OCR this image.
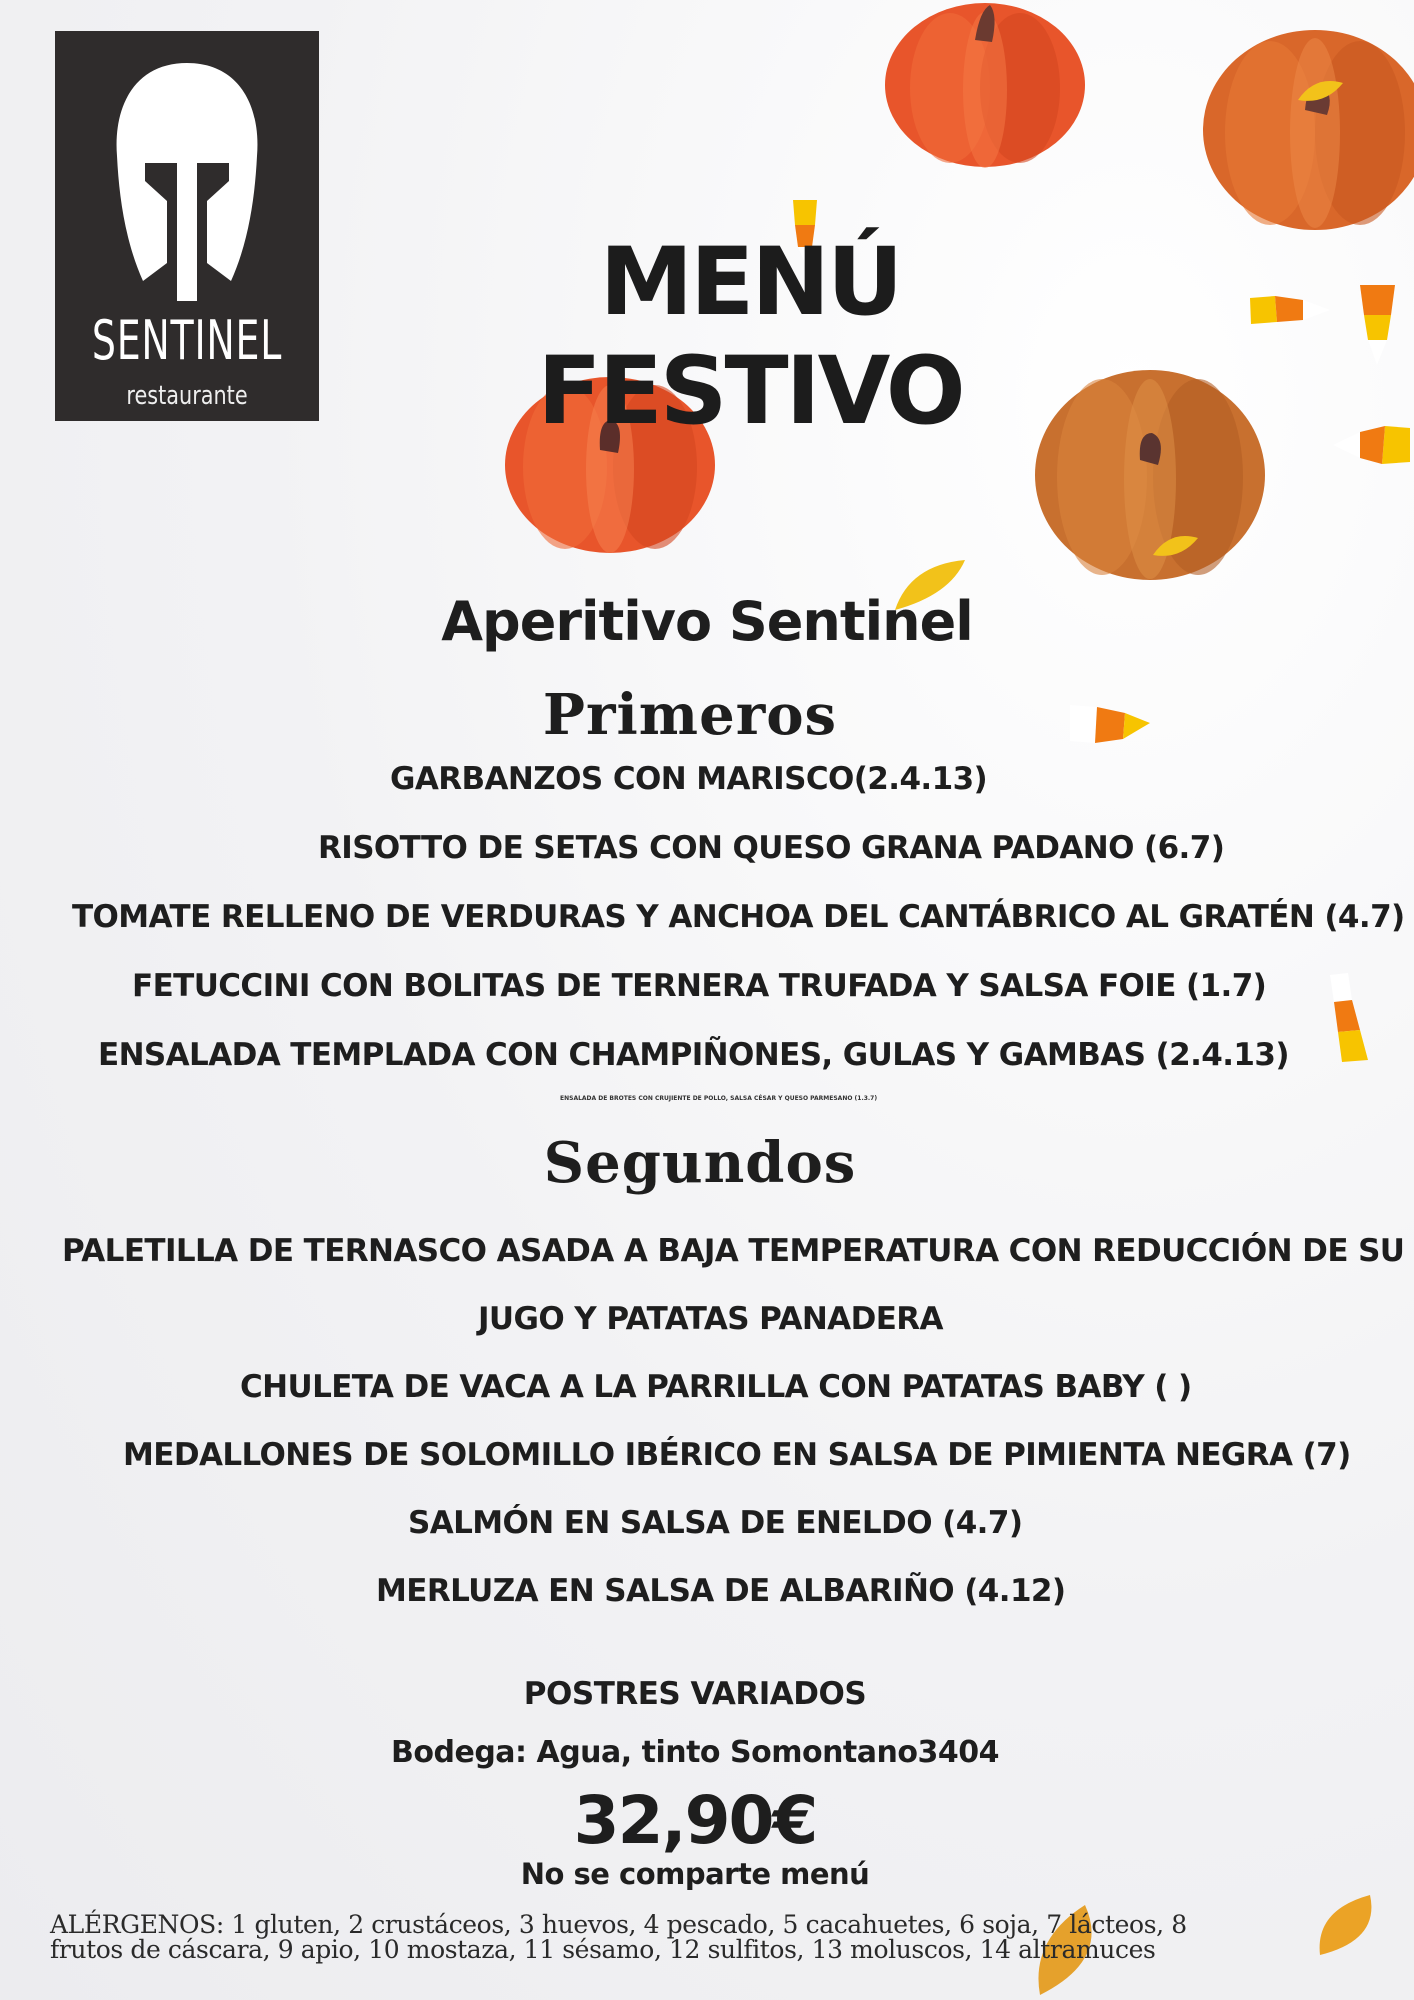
SENTINEL
restaurante
MENÚ FESTIVO
Aperitivo Sentinel
Primeros
GARBANZOS CON MARISCO(2.4.13)
RISOTTO DE SETAS CON QUESO GRANA PADANO (6.7)
TOMATE RELLENO DE VERDURAS Y ANCHOA DEL CANTÁBRICO AL GRATÉN (4.7)
FETUCCINI CON BOLITAS DE TERNERA TRUFADA Y SALSA FOIE (1.7)
ENSALADA TEMPLADA CON CHAMPIÑONES, GULAS Y GAMBAS (2.4.13)
ENSALADA DE BROTES CON CRUJIENTE DE POLLO, SALSA CÉSAR Y QUESO PARMESANO (1.3.7)
Segundos
PALETILLA DE TERNASCO ASADA A BAJA TEMPERATURA CON REDUCCIÓN DE SU
JUGO Y PATATAS PANADERA
CHULETA DE VACA A LA PARRILLA CON PATATAS BABY ( )
MEDALLONES DE SOLOMILLO IBÉRICO EN SALSA DE PIMIENTA NEGRA (7)
SALMÓN EN SALSA DE ENELDO (4.7)
MERLUZA EN SALSA DE ALBARIÑO (4.12)
POSTRES VARIADOS
Bodega: Agua, tinto Somontano3404
32,90€
No se comparte menú
ALÉRGENOS: 1 gluten, 2 crustáceos, 3 huevos, 4 pescado, 5 cacahuetes, 6 soja, 7 lácteos, 8
frutos de cáscara, 9 apio, 10 mostaza, 11 sésamo, 12 sulfitos, 13 moluscos, 14 altramuces
